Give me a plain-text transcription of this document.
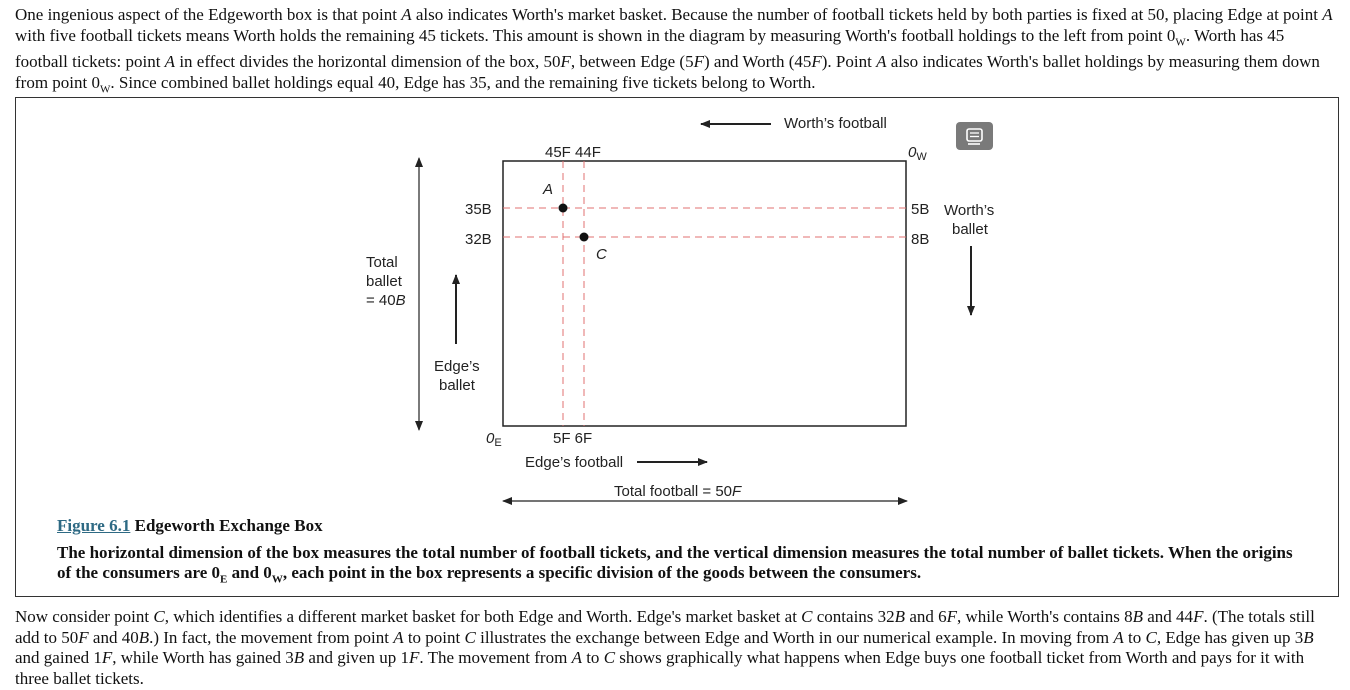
One ingenious aspect of the Edgeworth box is that point A also indicates Worth's market basket. Because the number of football tickets held by both parties is fixed at 50, placing Edge at point A with five football tickets means Worth holds the remaining 45 tickets. This amount is shown in the diagram by measuring Worth's football holdings to the left from point $0_W$. Worth has 45 football tickets: point A in effect divides the horizontal dimension of the box, 50F, between Edge (5F) and Worth (45F). Point A also indicates Worth's ballet holdings by measuring them down from point $0_W$. Since combined ballet holdings equal 40, Edge has 35, and the remaining five tickets belong to Worth.

A
C
45F 44F
Worth’s football
$0_W$
35B
32B
5B
8B
Worth’s
ballet
Total
ballet
= 40B
Edge’s
ballet
$0_E$	5F 6F
Edge’s football
Total football = 50F
Figure 6.1 Edgeworth Exchange Box
The horizontal dimension of the box measures the total number of football tickets, and the vertical dimension measures the total number of ballet tickets. When the origins of the consumers are $0_E$ and $0_W$, each point in the box represents a specific division of the goods between the consumers.

Now consider point C, which identifies a different market basket for both Edge and Worth. Edge's market basket at C contains 32B and 6F, while Worth's contains 8B and 44F. (The totals still add to 50F and 40B.) In fact, the movement from point A to point C illustrates the exchange between Edge and Worth in our numerical example. In moving from A to C, Edge has given up 3B and gained 1F, while Worth has gained 3B and given up 1F. The movement from A to C shows graphically what happens when Edge buys one football ticket from Worth and pays for it with three ballet tickets.
